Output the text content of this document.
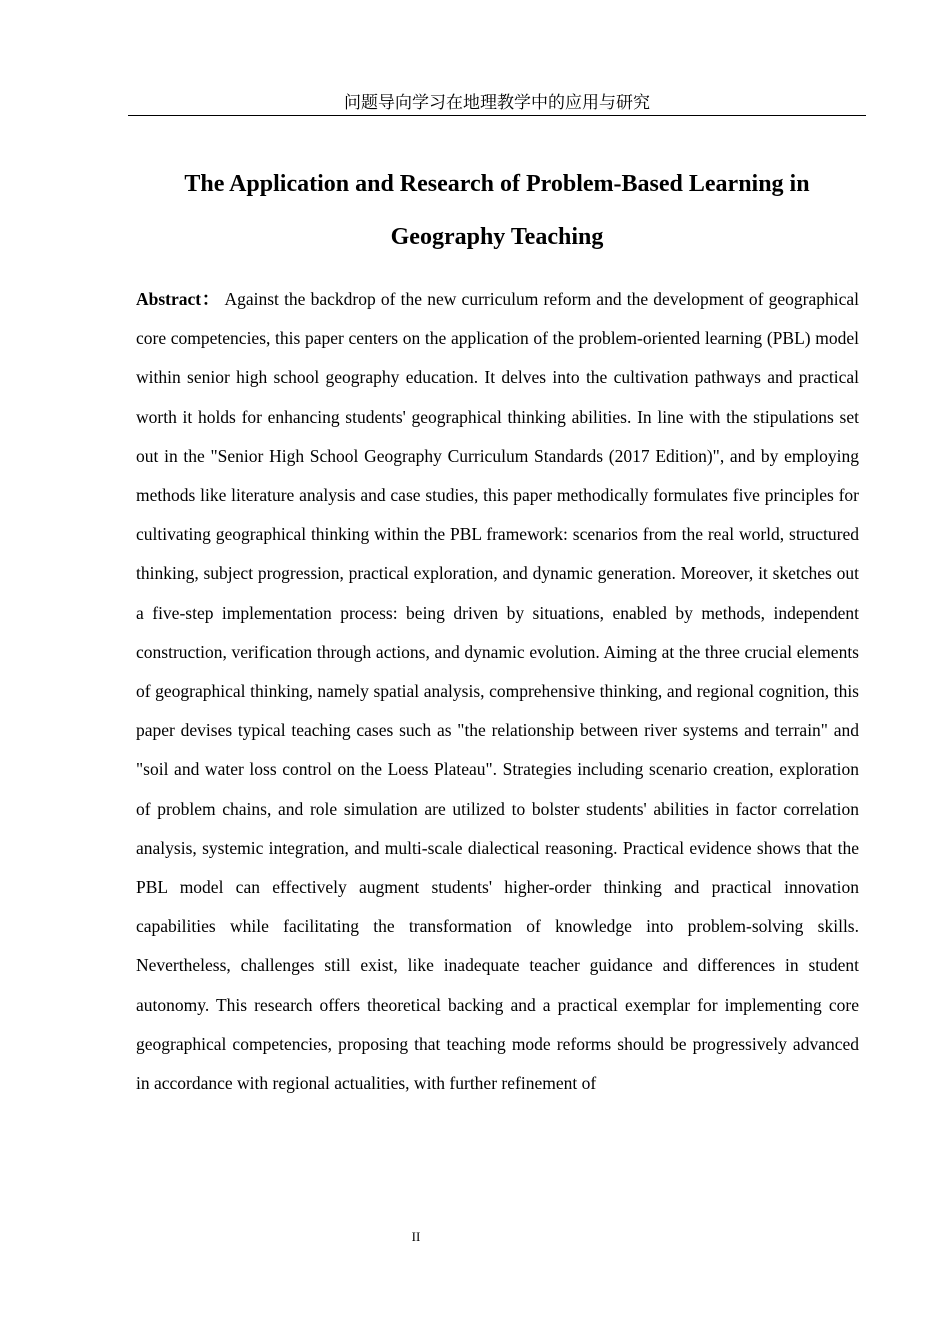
问题导向学习在地理教学中的应用与研究
The Application and Research of Problem-Based Learning in
Geography Teaching

Abstract： Against the backdrop of the new curriculum reform and the development of geographical core competencies, this paper centers on the application of the problem-oriented learning (PBL) model within senior high school geography education. It delves into the cultivation pathways and practical worth it holds for enhancing students' geographical thinking abilities. In line with the stipulations set out in the "Senior High School Geography Curriculum Standards (2017 Edition)", and by employing methods like literature analysis and case studies, this paper methodically formulates five principles for cultivating geographical thinking within the PBL framework: scenarios from the real world, structured thinking, subject progression, practical exploration, and dynamic generation. Moreover, it sketches out a five-step implementation process: being driven by situations, enabled by methods, independent construction, verification through actions, and dynamic evolution. Aiming at the three crucial elements of geographical thinking, namely spatial analysis, comprehensive thinking, and regional cognition, this paper devises typical teaching cases such as "the relationship between river systems and terrain" and "soil and water loss control on the Loess Plateau". Strategies including scenario creation, exploration of problem chains, and role simulation are utilized to bolster students' abilities in factor correlation analysis, systemic integration, and multi-scale dialectical reasoning. Practical evidence shows that the PBL model can effectively augment students' higher-order thinking and practical innovation capabilities while facilitating the transformation of knowledge into problem-solving skills. Nevertheless, challenges still exist, like inadequate teacher guidance and differences in student autonomy. This research offers theoretical backing and a practical exemplar for implementing core geographical competencies, proposing that teaching mode reforms should be progressively advanced in accordance with regional actualities, with further refinement of

II
